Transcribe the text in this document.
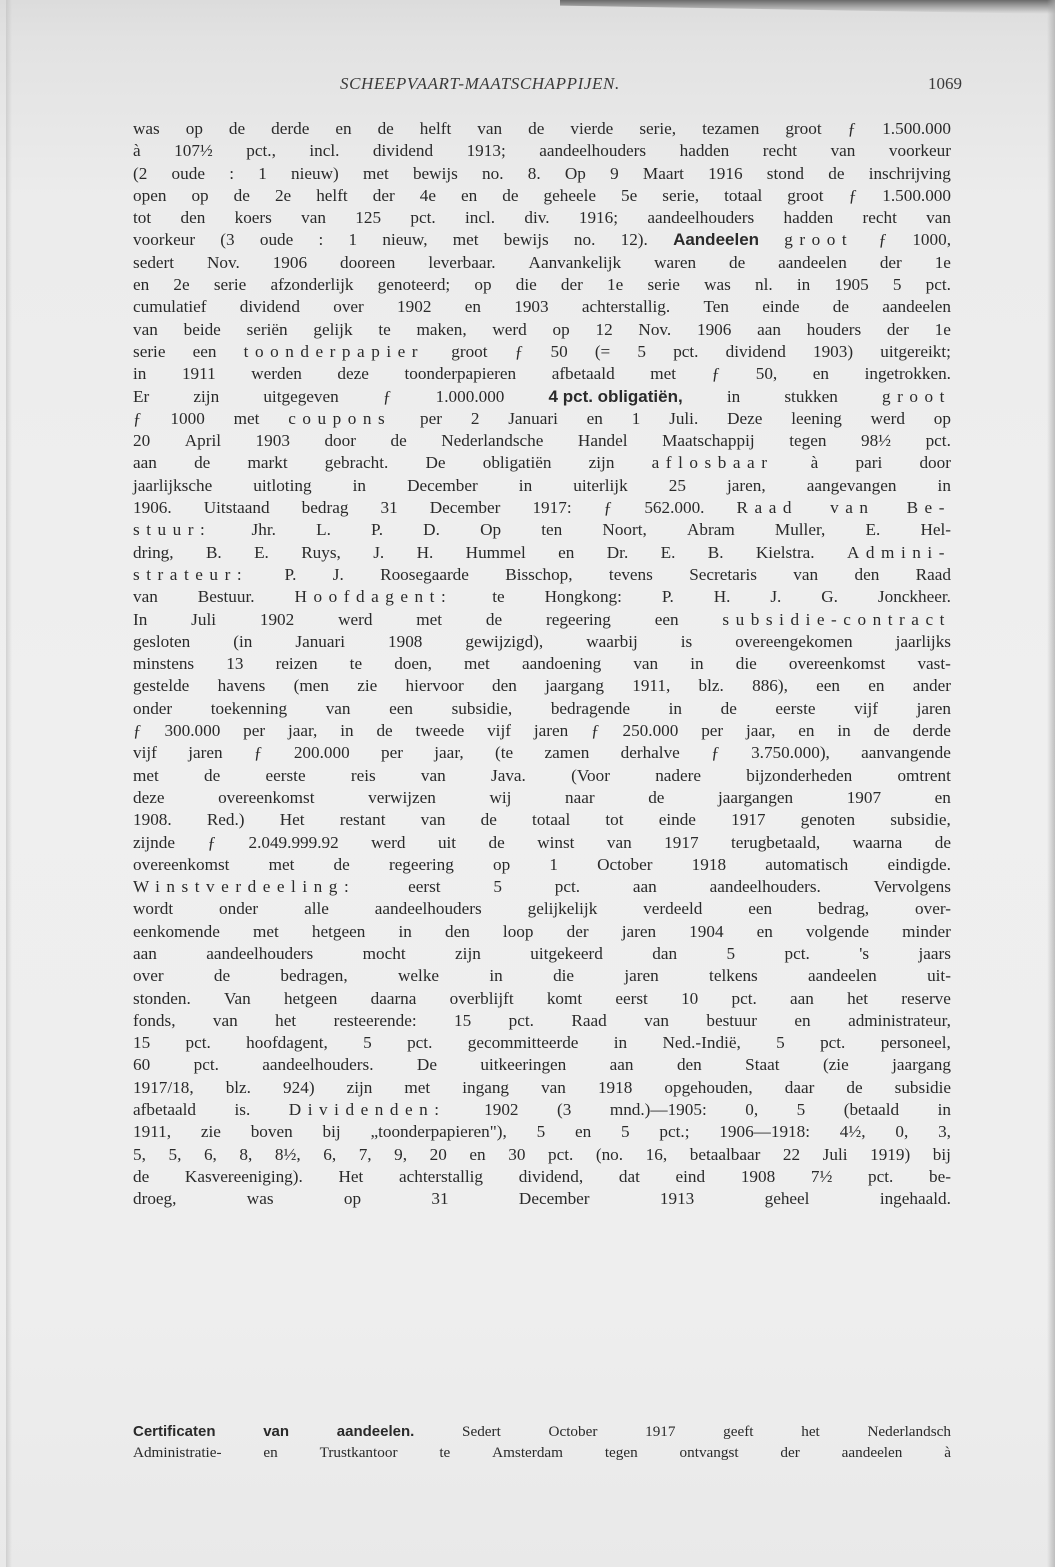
SCHEEPVAART-MAATSCHAPPIJEN.	1069
was op de derde en de helft van de vierde serie, tezamen groot ƒ 1.500.000
à 107½ pct., incl. dividend 1913; aandeelhouders hadden recht van voorkeur
(2 oude : 1 nieuw) met bewijs no. 8. Op 9 Maart 1916 stond de inschrijving
open op de 2e helft der 4e en de geheele 5e serie, totaal groot ƒ 1.500.000
tot den koers van 125 pct. incl. div. 1916; aandeelhouders hadden recht van
voorkeur (3 oude : 1 nieuw, met bewijs no. 12). Aandeelen groot ƒ 1000,
sedert Nov. 1906 dooreen leverbaar. Aanvankelijk waren de aandeelen der 1e
en 2e serie afzonderlijk genoteerd; op die der 1e serie was nl. in 1905 5 pct.
cumulatief dividend over 1902 en 1903 achterstallig. Ten einde de aandeelen
van beide seriën gelijk te maken, werd op 12 Nov. 1906 aan houders der 1e
serie een toonderpapier groot ƒ 50 (= 5 pct. dividend 1903) uitgereikt;
in 1911 werden deze toonderpapieren afbetaald met ƒ 50, en ingetrokken.
Er	zijn	uitgegeven	ƒ	1.000.000	4 pct. obligatiën,	in	stukken	groot
ƒ 1000 met coupons per 2 Januari en 1 Juli. Deze leening werd op
20 April 1903 door de Nederlandsche Handel Maatschappij tegen 98½ pct.
aan de markt gebracht. De obligatiën zijn aflosbaar à pari door
jaarlijksche uitloting in December in uiterlijk 25 jaren, aangevangen in
1906. Uitstaand bedrag 31 December 1917: ƒ 562.000. Raad van Be-
stuur: Jhr. L. P. D. Op ten Noort, Abram Muller, E. Hel-
dring, B. E. Ruys, J. H. Hummel en Dr. E. B. Kielstra. Admini-
strateur: P. J. Roosegaarde Bisschop, tevens Secretaris van den Raad
van Bestuur. Hoofdagent: te Hongkong: P. H. J. G. Jonckheer.
In	Juli	1902	werd	met	de	regeering	een	subsidie-contract
gesloten	(in	Januari	1908	gewijzigd),	waarbij	is	overeengekomen	jaarlijks
minstens 13 reizen te doen, met aandoening van in die overeenkomst vast-
gestelde havens (men zie hiervoor den jaargang 1911, blz. 886), een en ander
onder toekenning van een subsidie, bedragende in de eerste vijf jaren
ƒ 300.000 per jaar, in de tweede vijf jaren ƒ 250.000 per jaar, en in de derde
vijf jaren ƒ 200.000 per jaar, (te zamen derhalve ƒ 3.750.000), aanvangende
met	de	eerste	reis	van	Java.	(Voor	nadere	bijzonderheden	omtrent
deze	overeenkomst	verwijzen	wij	naar	de	jaargangen	1907	en
1908. Red.) Het restant van de totaal tot einde 1917 genoten subsidie,
zijnde ƒ 2.049.999.92 werd uit de winst van 1917 terugbetaald, waarna de
overeenkomst met de regeering op 1 October 1918 automatisch eindigde.
Winstverdeeling:	eerst	5	pct.	aan	aandeelhouders.	Vervolgens
wordt	onder	alle	aandeelhouders	gelijkelijk	verdeeld	een	bedrag,	over-
eenkomende met hetgeen in den loop der jaren 1904 en volgende minder
aan	aandeelhouders	mocht	zijn	uitgekeerd	dan	5	pct.	's	jaars
over	de	bedragen,	welke	in	die	jaren	telkens	aandeelen	uit-
stonden. Van hetgeen daarna overblijft komt eerst 10 pct. aan het reserve
fonds, van het resteerende: 15 pct. Raad van bestuur en administrateur,
15 pct. hoofdagent, 5 pct. gecommitteerde in Ned.-Indië, 5 pct. personeel,
60	pct.	aandeelhouders.	De	uitkeeringen	aan	den	Staat	(zie	jaargang
1917/18, blz. 924) zijn met ingang van 1918 opgehouden, daar de subsidie
afbetaald is. Dividenden: 1902 (3 mnd.)—1905: 0, 5 (betaald in
1911, zie boven bij „toonderpapieren"), 5 en 5 pct.; 1906—1918: 4½, 0, 3,
5, 5, 6, 8, 8½, 6, 7, 9, 20 en 30 pct. (no. 16, betaalbaar 22 Juli 1919) bij
de Kasvereeniging). Het achterstallig dividend, dat eind 1908 7½ pct. be-
droeg,	was	op	31	December	1913	geheel	ingehaald.
Certificaten	van	aandeelen.	Sedert	October	1917	geeft	het	Nederlandsch
Administratie-	en	Trustkantoor	te	Amsterdam	tegen	ontvangst	der	aandeelen	à
